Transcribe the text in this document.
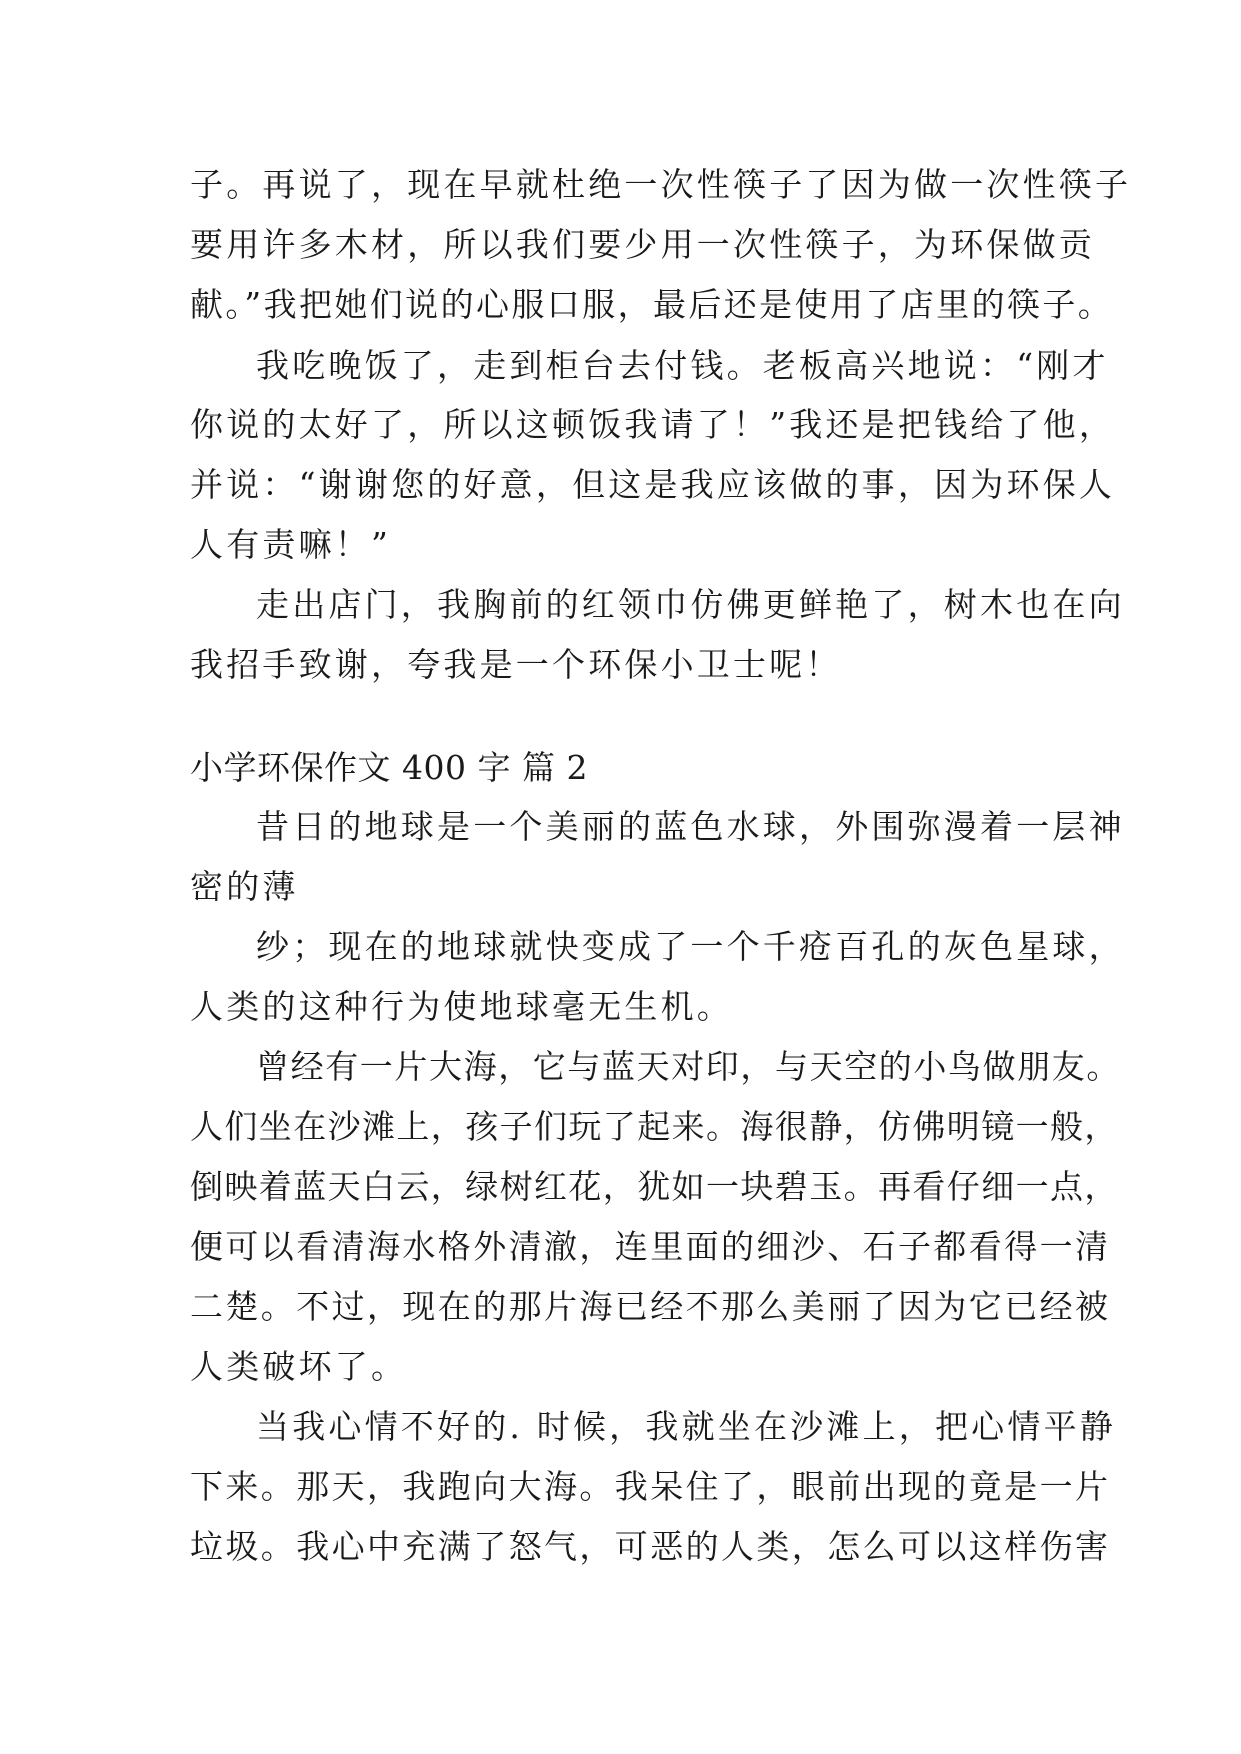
子。再说了，现在早就杜绝一次性筷子了因为做一次性筷子
要用许多木材，所以我们要少用一次性筷子，为环保做贡
献。”我把她们说的心服口服，最后还是使用了店里的筷子。
我吃晚饭了，走到柜台去付钱。老板高兴地说：“刚才
你说的太好了，所以这顿饭我请了！”我还是把钱给了他，
并说：“谢谢您的好意，但这是我应该做的事，因为环保人
人有责嘛！”
走出店门，我胸前的红领巾仿佛更鲜艳了，树木也在向
我招手致谢，夸我是一个环保小卫士呢！
小学环保作文 400 字 篇 2
昔日的地球是一个美丽的蓝色水球，外围弥漫着一层神
密的薄
纱；现在的地球就快变成了一个千疮百孔的灰色星球，
人类的这种行为使地球毫无生机。
曾经有一片大海，它与蓝天对印，与天空的小鸟做朋友。
人们坐在沙滩上，孩子们玩了起来。海很静，仿佛明镜一般，
倒映着蓝天白云，绿树红花，犹如一块碧玉。再看仔细一点，
便可以看清海水格外清澈，连里面的细沙、石子都看得一清
二楚。不过，现在的那片海已经不那么美丽了因为它已经被
人类破坏了。
当我心情不好的. 时候，我就坐在沙滩上，把心情平静
下来。那天，我跑向大海。我呆住了，眼前出现的竟是一片
垃圾。我心中充满了怒气，可恶的人类，怎么可以这样伤害
